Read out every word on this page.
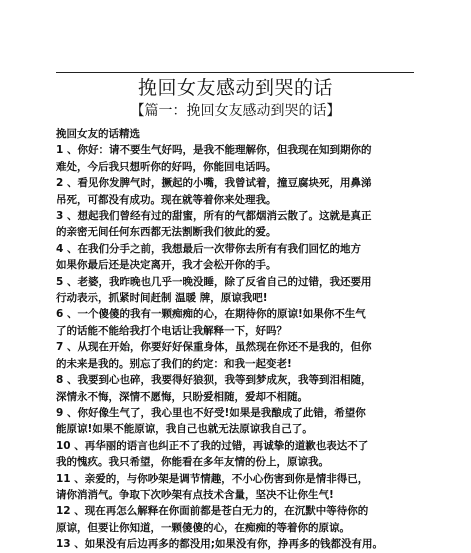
挽回女友感动到哭的话
【篇一：挽回女友感动到哭的话】
挽回女友的话精选
1 、你好：请不要生气好吗，是我不能理解你，但我现在知到期你的
难处，今后我只想听你的好吗，你能回电话吗。
2 、看见你发脾气时，撅起的小嘴，我曾试着，撞豆腐块死，用鼻涕
吊死，可都没有成功。现在就等着你来处理我。
3 、想起我们曾经有过的甜蜜，所有的气都烟消云散了。这就是真正
的亲密无间任何东西都无法割断我们彼此的爱。
4 、在我们分手之前，我想最后一次带你去所有有我们回忆的地方
如果你最后还是决定离开，我才会松开你的手。
5 、老婆，我昨晚也几乎一晚没睡，除了反省自己的过错，我还要用
行动表示，抓紧时间赶制 温暖 牌，原谅我吧!
6 、一个傻傻的我有一颗痴痴的心，在期待你的原谅!如果你不生气
了的话能不能给我打个电话让我解释一下，好吗？
7 、从现在开始，你要好好保重身体，虽然现在你还不是我的，但你
的未来是我的。别忘了我们的约定：和我一起变老!
8 、我要到心也碎，我要得好狼狈，我等到梦成灰，我等到泪相随，
深情永不悔，深情不愿悔，只盼爱相随，爱却不相随。
9 、你好像生气了，我心里也不好受!如果是我酿成了此错，希望你
能原谅!如果不能原谅，我自己也就无法原谅我自己了。
10 、再华丽的语言也纠正不了我的过错，再诚挚的道歉也表达不了
我的愧疚。我只希望，你能看在多年友情的份上，原谅我。
11 、亲爱的，与你吵架是调节情趣，不小心伤害到你是情非得已，
请你消消气。争取下次吵架有点技术含量，坚决不让你生气!
12 、现在再怎么解释在你面前都是苍白无力的，在沉默中等待你的
原谅，但要让你知道，一颗傻傻的心，在痴痴的等着你的原谅。
13 、如果没有后边再多的都没用;如果没有你，挣再多的钱都没有用。
